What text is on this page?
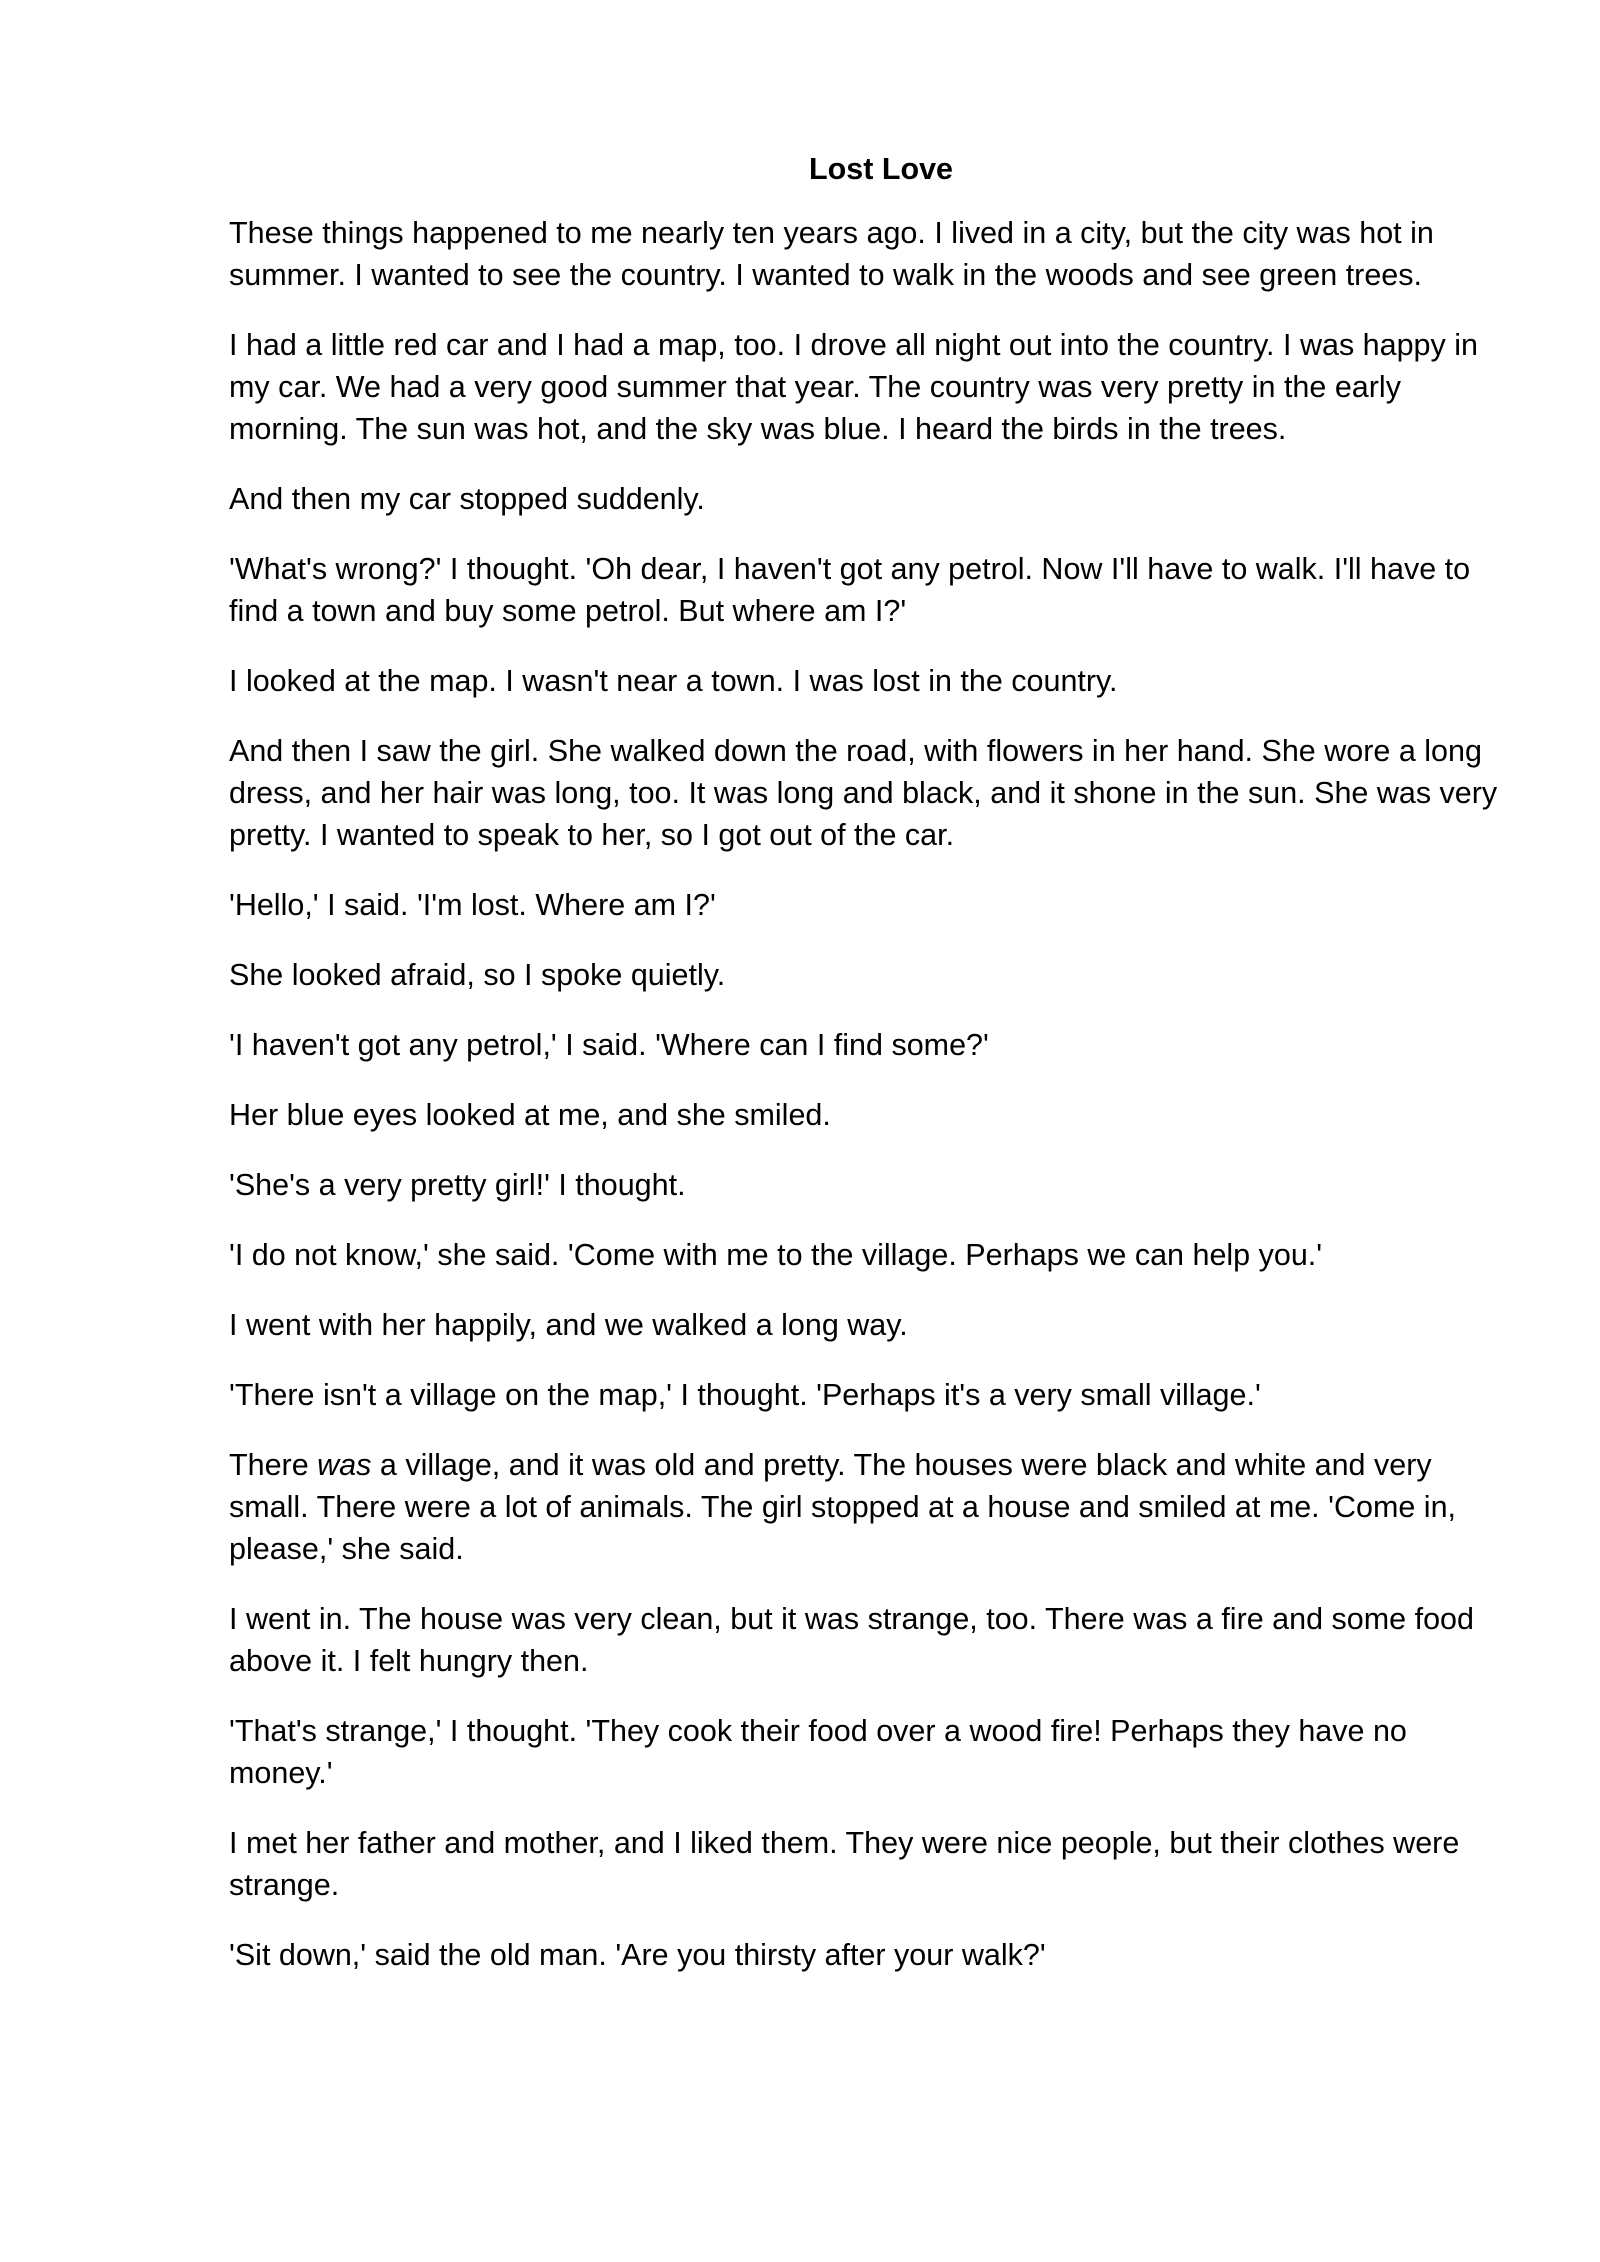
Lost Love

These things happened to me nearly ten years ago. I lived in a city, but the city was hot in summer. I wanted to see the country. I wanted to walk in the woods and see green trees.

I had a little red car and I had a map, too. I drove all night out into the country. I was happy in my car. We had a very good summer that year. The country was very pretty in the early morning. The sun was hot, and the sky was blue. I heard the birds in the trees.

And then my car stopped suddenly.

'What's wrong?' I thought. 'Oh dear, I haven't got any petrol. Now I'll have to walk. I'll have to find a town and buy some petrol. But where am I?'

I looked at the map. I wasn't near a town. I was lost in the country.

And then I saw the girl. She walked down the road, with flowers in her hand. She wore a long dress, and her hair was long, too. It was long and black, and it shone in the sun. She was very pretty. I wanted to speak to her, so I got out of the car.

'Hello,' I said. 'I'm lost. Where am I?'

She looked afraid, so I spoke quietly.

'I haven't got any petrol,' I said. 'Where can I find some?'

Her blue eyes looked at me, and she smiled.

'She's a very pretty girl!' I thought.

'I do not know,' she said. 'Come with me to the village. Perhaps we can help you.'

I went with her happily, and we walked a long way.

'There isn't a village on the map,' I thought. 'Perhaps it's a very small village.'

There was a village, and it was old and pretty. The houses were black and white and very small. There were a lot of animals. The girl stopped at a house and smiled at me. 'Come in, please,' she said.

I went in. The house was very clean, but it was strange, too. There was a fire and some food above it. I felt hungry then.

'That's strange,' I thought. 'They cook their food over a wood fire! Perhaps they have no money.'

I met her father and mother, and I liked them. They were nice people, but their clothes were strange.

'Sit down,' said the old man. 'Are you thirsty after your walk?'
